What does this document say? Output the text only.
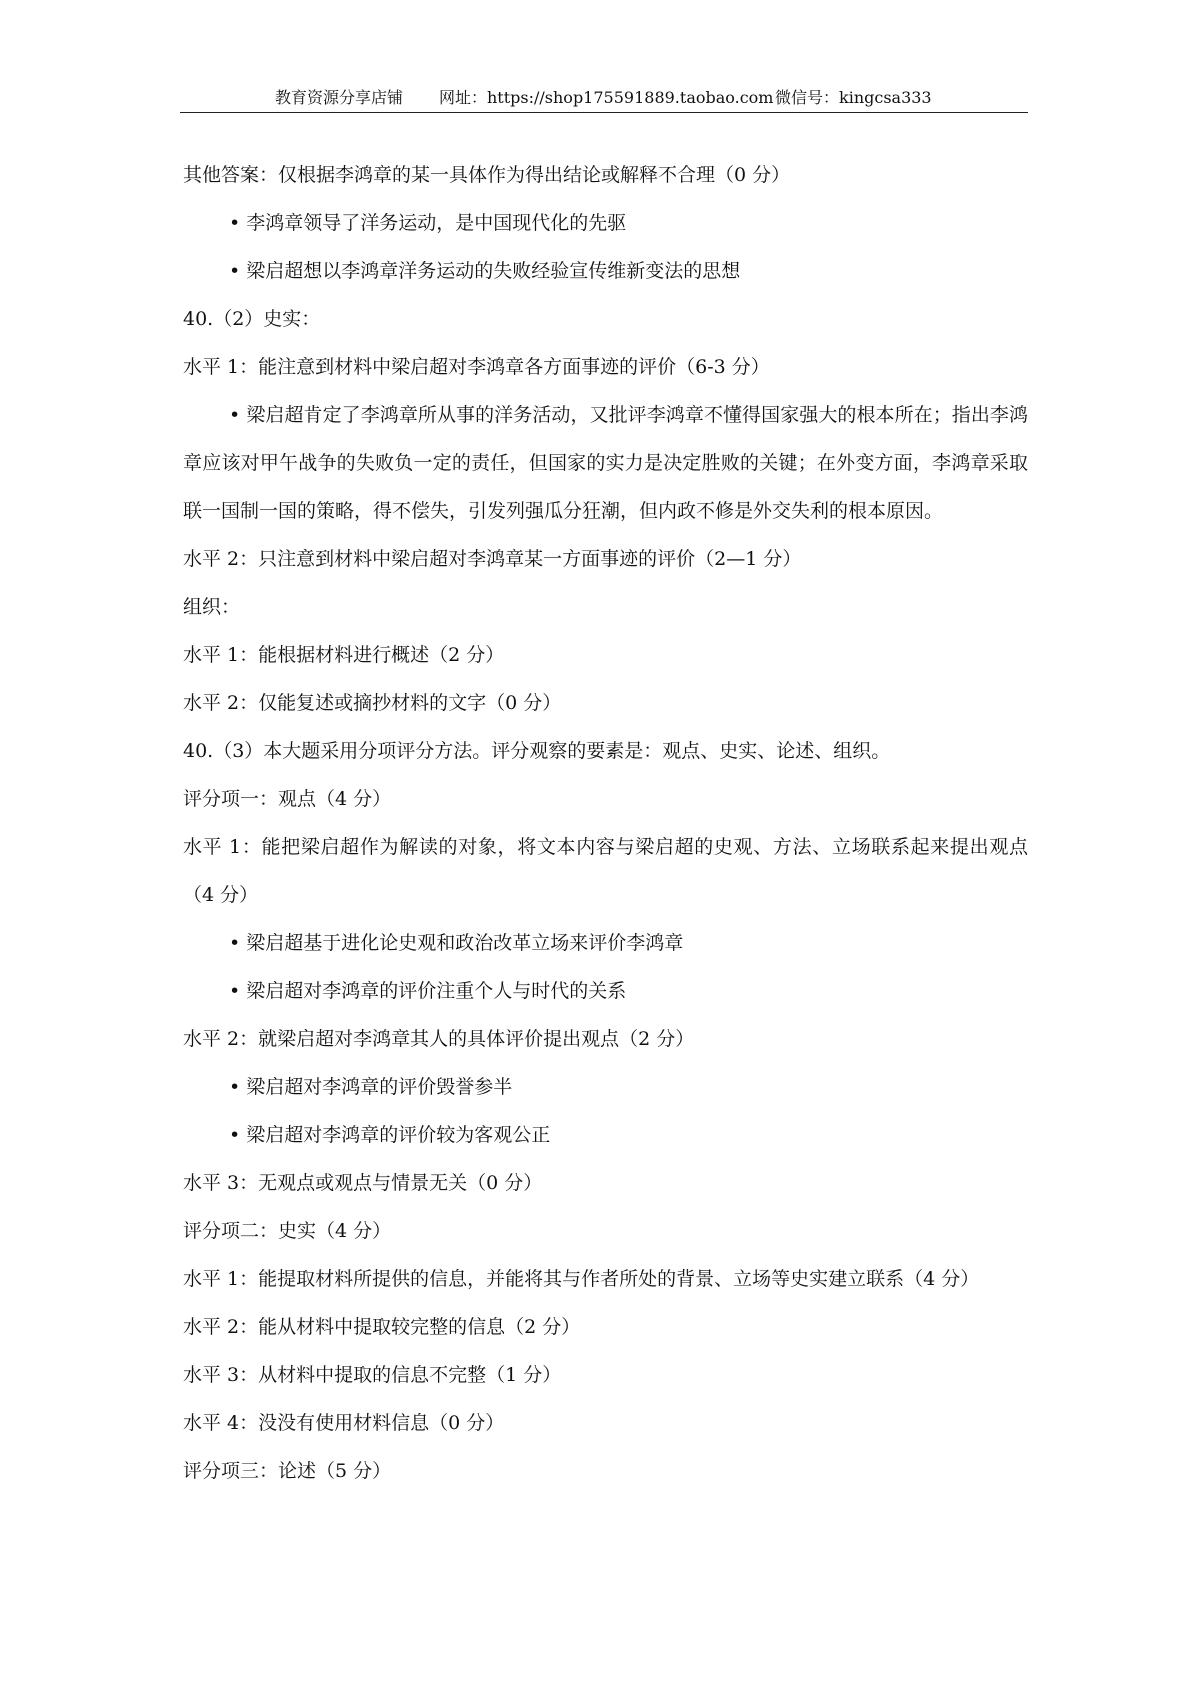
教育资源分享店铺 网址：https://shop175591889.taobao.com 微信号：kingcsa333
其他答案：仅根据李鸿章的某一具体作为得出结论或解释不合理（0 分）
• 李鸿章领导了洋务运动，是中国现代化的先驱
• 梁启超想以李鸿章洋务运动的失败经验宣传维新变法的思想
40.（2）史实：
水平 1：能注意到材料中梁启超对李鸿章各方面事迹的评价（6-3 分）
• 梁启超肯定了李鸿章所从事的洋务活动，又批评李鸿章不懂得国家强大的根本所在；指出李鸿章应该对甲午战争的失败负一定的责任，但国家的实力是决定胜败的关键；在外变方面，李鸿章采取联一国制一国的策略，得不偿失，引发列强瓜分狂潮，但内政不修是外交失利的根本原因。
水平 2：只注意到材料中梁启超对李鸿章某一方面事迹的评价（2—1 分）
组织：
水平 1：能根据材料进行概述（2 分）
水平 2：仅能复述或摘抄材料的文字（0 分）
40.（3）本大题采用分项评分方法。评分观察的要素是：观点、史实、论述、组织。
评分项一：观点（4 分）
水平 1：能把梁启超作为解读的对象，将文本内容与梁启超的史观、方法、立场联系起来提出观点（4 分）
• 梁启超基于进化论史观和政治改革立场来评价李鸿章
• 梁启超对李鸿章的评价注重个人与时代的关系
水平 2：就梁启超对李鸿章其人的具体评价提出观点（2 分）
• 梁启超对李鸿章的评价毁誉参半
• 梁启超对李鸿章的评价较为客观公正
水平 3：无观点或观点与情景无关（0 分）
评分项二：史实（4 分）
水平 1：能提取材料所提供的信息，并能将其与作者所处的背景、立场等史实建立联系（4 分）
水平 2：能从材料中提取较完整的信息（2 分）
水平 3：从材料中提取的信息不完整（1 分）
水平 4：没没有使用材料信息（0 分）
评分项三：论述（5 分）
